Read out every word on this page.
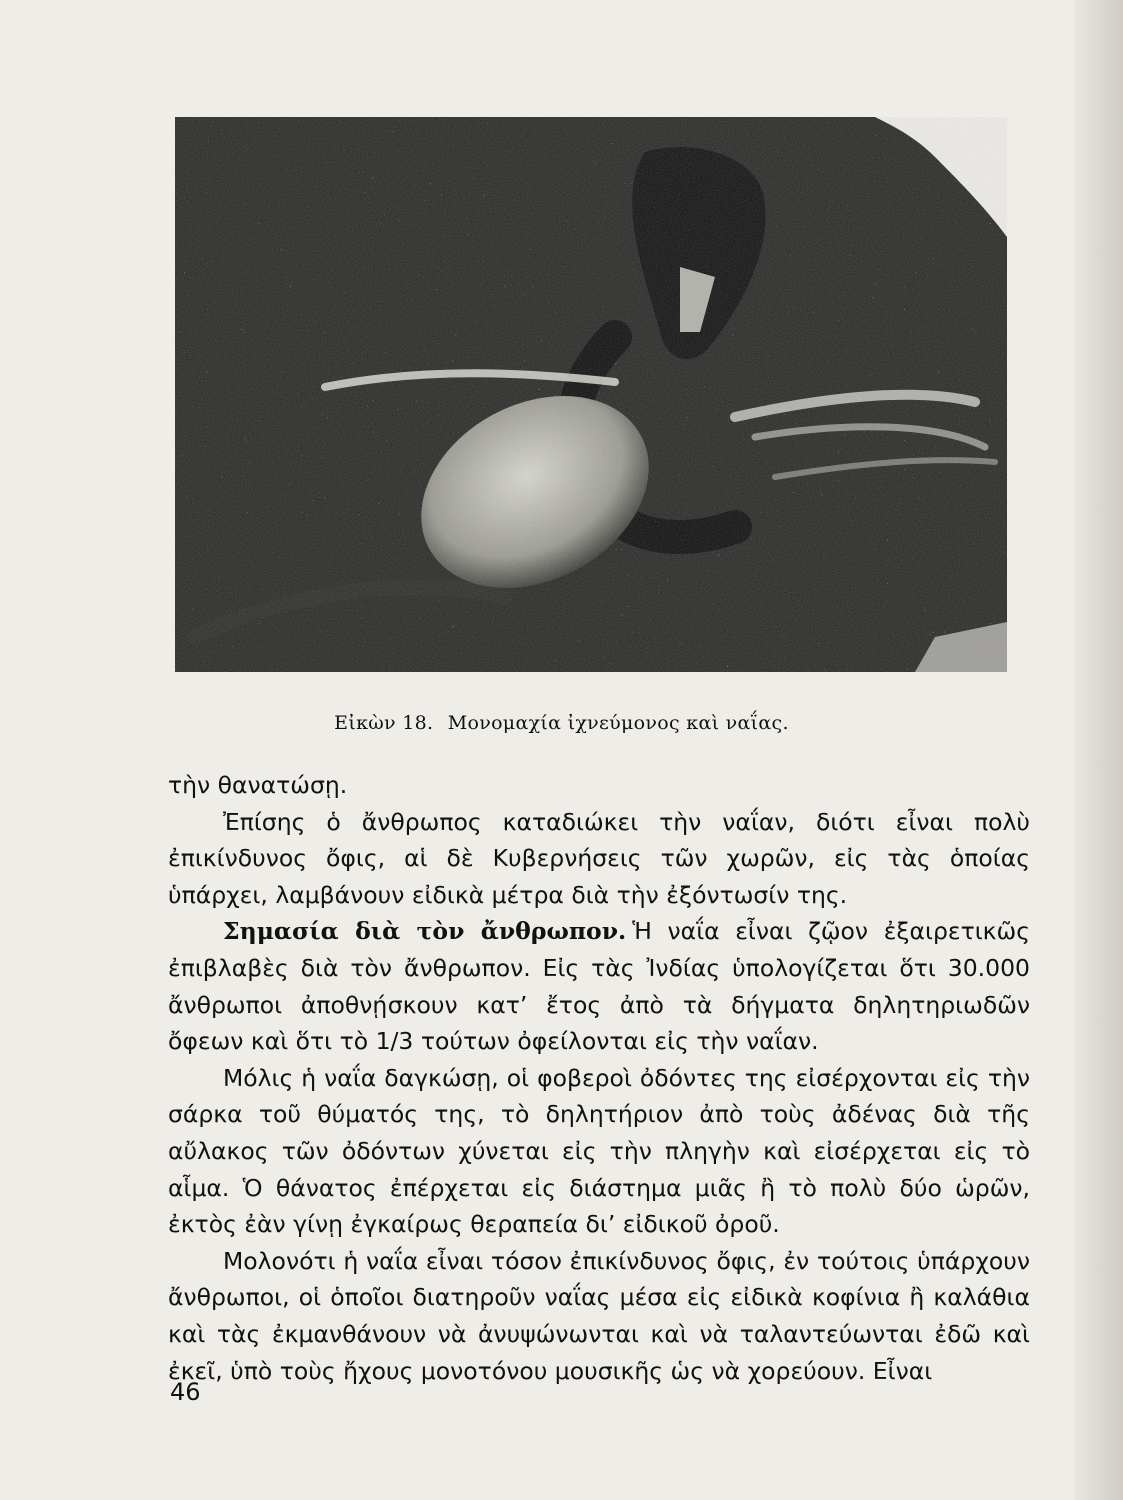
Εἰκὼν 18. Μονομαχία ἰχνεύμονος καὶ ναΐας.

τὴν θανατώσῃ.

Ἐπίσης ὁ ἄνθρωπος καταδιώκει τὴν ναΐαν, διότι εἶναι πολὺ ἐπικίνδυνος ὄφις, αἱ δὲ Κυβερνήσεις τῶν χωρῶν, εἰς τὰς ὁποίας ὑπάρχει, λαμβάνουν εἰδικὰ μέτρα διὰ τὴν ἐξόντωσίν της.

Σημασία διὰ τὸν ἄνθρωπον. Ἡ ναΐα εἶναι ζῷον ἐξαιρετικῶς ἐπιβλαβὲς διὰ τὸν ἄνθρωπον. Εἰς τὰς Ἰνδίας ὑπολογίζεται ὅτι 30.000 ἄνθρωποι ἀποθνῄσκουν κατ’ ἔτος ἀπὸ τὰ δήγματα δηλητηριωδῶν ὄφεων καὶ ὅτι τὸ 1/3 τούτων ὀφείλονται εἰς τὴν ναΐαν.

Μόλις ἡ ναΐα δαγκώσῃ, οἱ φοβεροὶ ὀδόντες της εἰσέρχονται εἰς τὴν σάρκα τοῦ θύματός της, τὸ δηλητήριον ἀπὸ τοὺς ἀδένας διὰ τῆς αὔλακος τῶν ὀδόντων χύνεται εἰς τὴν πληγὴν καὶ εἰσέρχεται εἰς τὸ αἷμα. Ὁ θάνατος ἐπέρχεται εἰς διάστημα μιᾶς ἢ τὸ πολὺ δύο ὡρῶν, ἐκτὸς ἐὰν γίνῃ ἐγκαίρως θεραπεία δι’ εἰδικοῦ ὀροῦ.

Μολονότι ἡ ναΐα εἶναι τόσον ἐπικίνδυνος ὄφις, ἐν τούτοις ὑπάρχουν ἄνθρωποι, οἱ ὁποῖοι διατηροῦν ναΐας μέσα εἰς εἰδικὰ κοφίνια ἢ καλάθια καὶ τὰς ἐκμανθάνουν νὰ ἀνυψώνωνται καὶ νὰ ταλαντεύωνται ἐδῶ καὶ ἐκεῖ, ὑπὸ τοὺς ἤχους μονοτόνου μουσικῆς ὡς νὰ χορεύουν. Εἶναι

46
